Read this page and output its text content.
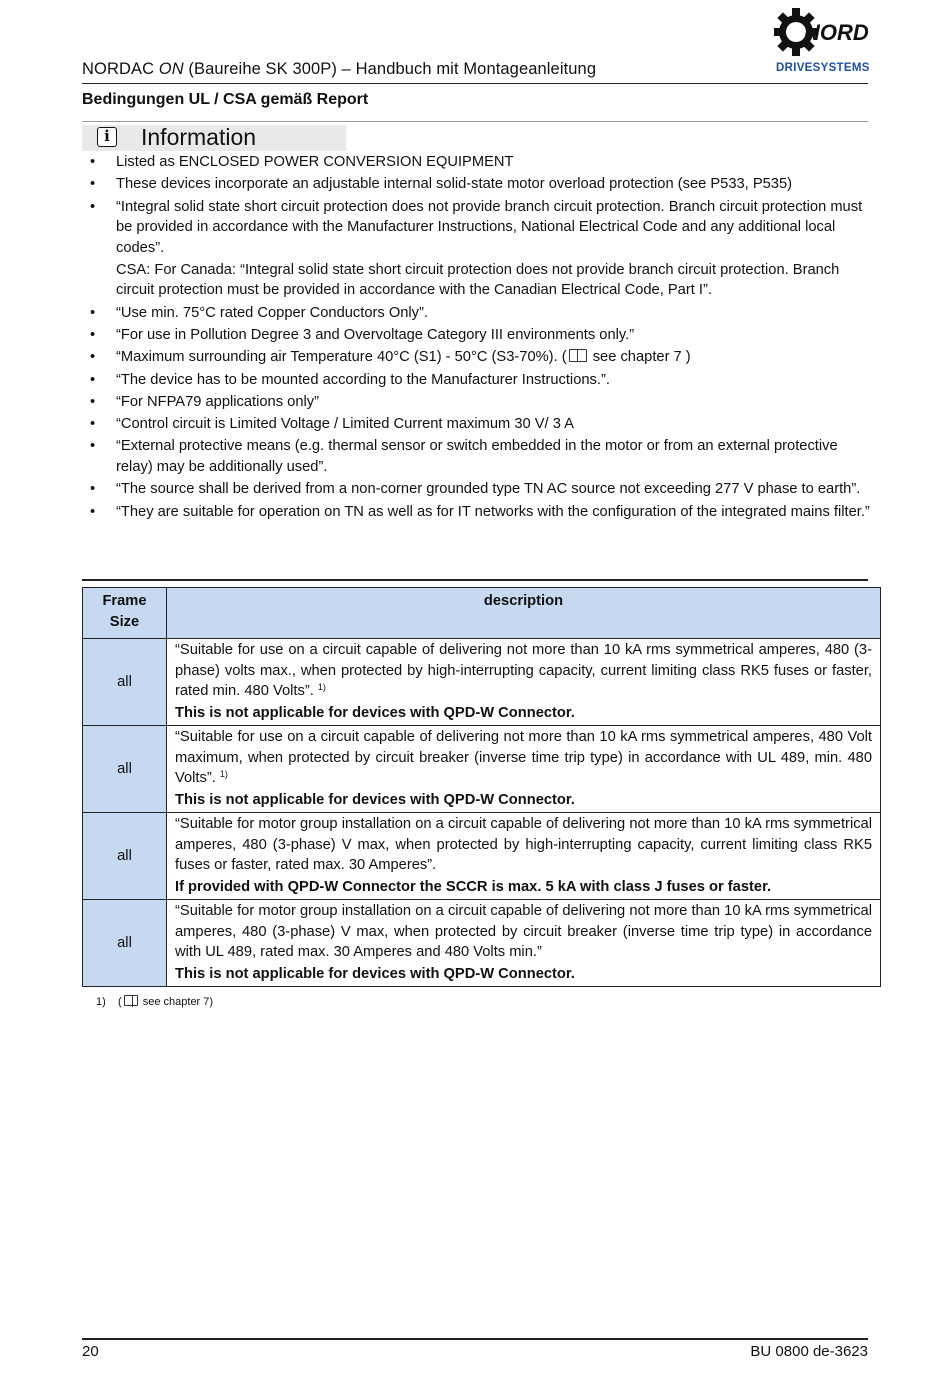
NORDAC ON (Baureihe SK 300P) – Handbuch mit Montageanleitung
NORD
DRIVESYSTEMS
Bedingungen UL / CSA gemäß Report
i Information
• Listed as ENCLOSED POWER CONVERSION EQUIPMENT
• These devices incorporate an adjustable internal solid-state motor overload protection (see P533, P535)
• “Integral solid state short circuit protection does not provide branch circuit protection. Branch circuit protection must be provided in accordance with the Manufacturer Instructions, National Electrical Code and any additional local codes”.
CSA: For Canada: “Integral solid state short circuit protection does not provide branch circuit protection. Branch circuit protection must be provided in accordance with the Canadian Electrical Code, Part I”.
• “Use min. 75°C rated Copper Conductors Only”.
• “For use in Pollution Degree 3 and Overvoltage Category III environments only.”
• “Maximum surrounding air Temperature 40°C (S1) - 50°C (S3-70%). ( see chapter 7 )
• “The device has to be mounted according to the Manufacturer Instructions.”.
• “For NFPA79 applications only”
• “Control circuit is Limited Voltage / Limited Current maximum 30 V/ 3 A
• “External protective means (e.g. thermal sensor or switch embedded in the motor or from an external protective relay) may be additionally used”.
• “The source shall be derived from a non-corner grounded type TN AC source not exceeding 277 V phase to earth”.
• “They are suitable for operation on TN as well as for IT networks with the configuration of the integrated mains filter.”
Frame Size	description
all	“Suitable for use on a circuit capable of delivering not more than 10 kA rms symmetrical amperes, 480 (3-phase) volts max., when protected by high-interrupting capacity, current limiting class RK5 fuses or faster, rated min. 480 Volts”. $^{1)}$
This is not applicable for devices with QPD-W Connector.

all	“Suitable for use on a circuit capable of delivering not more than 10 kA rms symmetrical amperes, 480 Volt maximum, when protected by circuit breaker (inverse time trip type) in accordance with UL 489, min. 480 Volts”. $^{1)}$
This is not applicable for devices with QPD-W Connector.

all	“Suitable for motor group installation on a circuit capable of delivering not more than 10 kA rms symmetrical amperes, 480 (3-phase) V max, when protected by high-interrupting capacity, current limiting class RK5 fuses or faster, rated max. 30 Amperes”.
If provided with QPD-W Connector the SCCR is max. 5 kA with class J fuses or faster.

all	“Suitable for motor group installation on a circuit capable of delivering not more than 10 kA rms symmetrical amperes, 480 (3-phase) V max, when protected by circuit breaker (inverse time trip type) in accordance with UL 489, rated max. 30 Amperes and 480 Volts min.”
This is not applicable for devices with QPD-W Connector.
1) ( see chapter 7)
20	BU 0800 de-3623
